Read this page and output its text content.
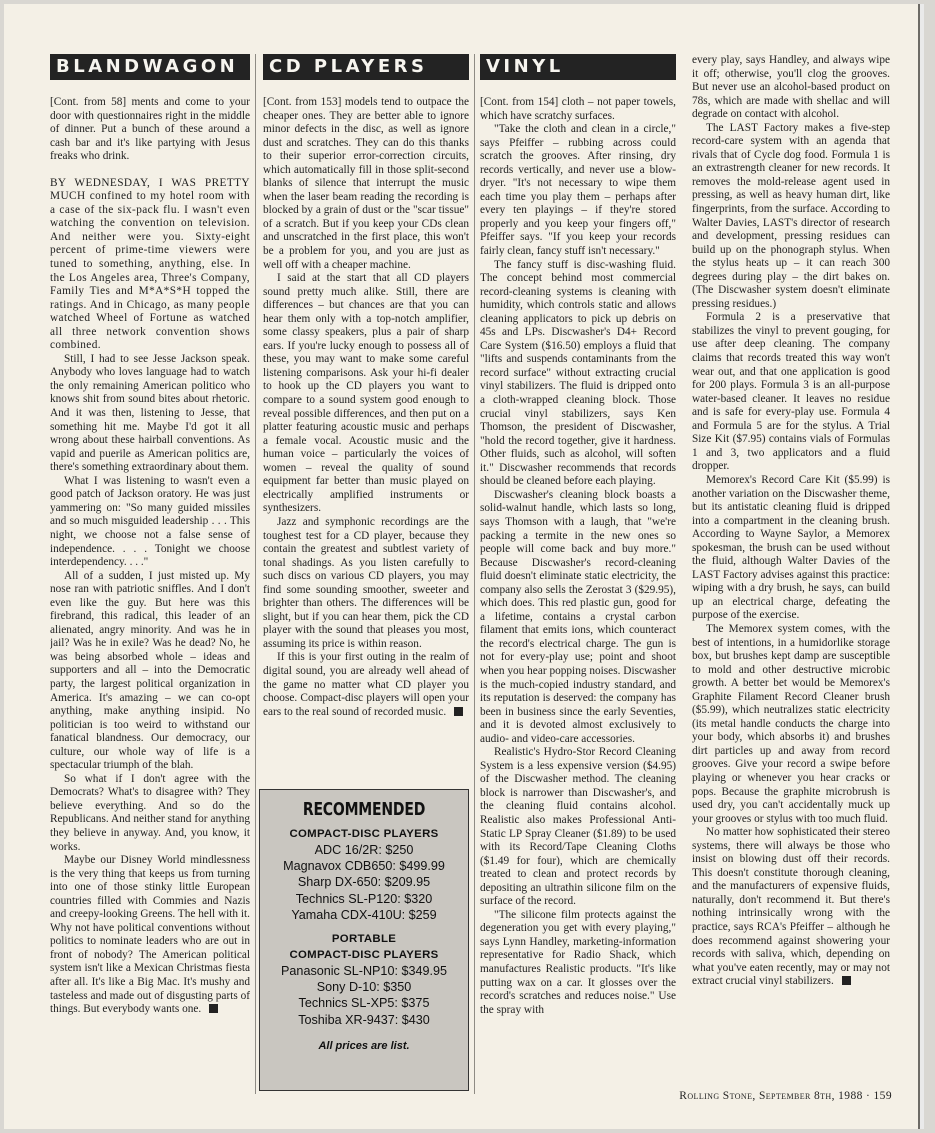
BLANDWAGON

[Cont. from 58] ments and come to your door with questionnaires right in the middle of dinner. Put a bunch of these around a cash bar and it's like partying with Jesus freaks who drink.

BY WEDNESDAY, I WAS PRETTY MUCH confined to my hotel room with a case of the six-pack flu. I wasn't even watching the convention on television. And neither were you. Sixty-eight percent of prime-time viewers were tuned to something, anything, else. In the Los Angeles area, Three's Company, Family Ties and M*A*S*H topped the ratings. And in Chicago, as many people watched Wheel of Fortune as watched all three network convention shows combined.

Still, I had to see Jesse Jackson speak. Anybody who loves language had to watch the only remaining American politico who knows shit from sound bites about rhetoric. And it was then, listening to Jesse, that something hit me. Maybe I'd got it all wrong about these hairball conventions. As vapid and puerile as American politics are, there's something extraordinary about them.

What I was listening to wasn't even a good patch of Jackson oratory. He was just yammering on: "So many guided missiles and so much misguided leadership . . . This night, we choose not a false sense of independence. . . . Tonight we choose interdependency. . . ."

All of a sudden, I just misted up. My nose ran with patriotic sniffles. And I don't even like the guy. But here was this firebrand, this radical, this leader of an alienated, angry minority. And was he in jail? Was he in exile? Was he dead? No, he was being absorbed whole – ideas and supporters and all – into the Democratic party, the largest political organization in America. It's amazing – we can co-opt anything, make anything insipid. No politician is too weird to withstand our fanatical blandness. Our democracy, our culture, our whole way of life is a spectacular triumph of the blah.

So what if I don't agree with the Democrats? What's to disagree with? They believe everything. And so do the Republicans. And neither stand for anything they believe in anyway. And, you know, it works.

Maybe our Disney World mindlessness is the very thing that keeps us from turning into one of those stinky little European countries filled with Commies and Nazis and creepy-looking Greens. The hell with it. Why not have political conventions without politics to nominate leaders who are out in front of nobody? The American political system isn't like a Mexican Christmas fiesta after all. It's like a Big Mac. It's mushy and tasteless and made out of disgusting parts of things. But everybody wants one.

CD PLAYERS

[Cont. from 153] models tend to outpace the cheaper ones. They are better able to ignore minor defects in the disc, as well as ignore dust and scratches. They can do this thanks to their superior error-correction circuits, which automatically fill in those split-second blanks of silence that interrupt the music when the laser beam reading the recording is blocked by a grain of dust or the "scar tissue" of a scratch. But if you keep your CDs clean and unscratched in the first place, this won't be a problem for you, and you are just as well off with a cheaper machine.

I said at the start that all CD players sound pretty much alike. Still, there are differences – but chances are that you can hear them only with a top-notch amplifier, some classy speakers, plus a pair of sharp ears. If you're lucky enough to possess all of these, you may want to make some careful listening comparisons. Ask your hi-fi dealer to hook up the CD players you want to compare to a sound system good enough to reveal possible differences, and then put on a platter featuring acoustic music and perhaps a female vocal. Acoustic music and the human voice – particularly the voices of women – reveal the quality of sound equipment far better than music played on electrically amplified instruments or synthesizers.

Jazz and symphonic recordings are the toughest test for a CD player, because they contain the greatest and subtlest variety of tonal shadings. As you listen carefully to such discs on various CD players, you may find some sounding smoother, sweeter and brighter than others. The differences will be slight, but if you can hear them, pick the CD player with the sound that pleases you most, assuming its price is within reason.

If this is your first outing in the realm of digital sound, you are already well ahead of the game no matter what CD player you choose. Compact-disc players will open your ears to the real sound of recorded music.

RECOMMENDED
COMPACT-DISC PLAYERS
ADC 16/2R: $250
Magnavox CDB650: $499.99
Sharp DX-650: $209.95
Technics SL-P120: $320
Yamaha CDX-410U: $259
PORTABLE
COMPACT-DISC PLAYERS
Panasonic SL-NP10: $349.95
Sony D-10: $350
Technics SL-XP5: $375
Toshiba XR-9437: $430
All prices are list.
VINYL

[Cont. from 154] cloth – not paper towels, which have scratchy surfaces.

"Take the cloth and clean in a circle," says Pfeiffer – rubbing across could scratch the grooves. After rinsing, dry records vertically, and never use a blow-dryer. "It's not necessary to wipe them each time you play them – perhaps after every ten playings – if they're stored properly and you keep your fingers off," Pfeiffer says. "If you keep your records fairly clean, fancy stuff isn't necessary."

The fancy stuff is disc-washing fluid. The concept behind most commercial record-cleaning systems is cleaning with humidity, which controls static and allows cleaning applicators to pick up debris on 45s and LPs. Discwasher's D4+ Record Care System ($16.50) employs a fluid that "lifts and suspends contaminants from the record surface" without extracting crucial vinyl stabilizers. The fluid is dripped onto a cloth-wrapped cleaning block. Those crucial vinyl stabilizers, says Ken Thomson, the president of Discwasher, "hold the record together, give it hardness. Other fluids, such as alcohol, will soften it." Discwasher recommends that records should be cleaned before each playing.

Discwasher's cleaning block boasts a solid-walnut handle, which lasts so long, says Thomson with a laugh, that "we're packing a termite in the new ones so people will come back and buy more." Because Discwasher's record-cleaning fluid doesn't eliminate static electricity, the company also sells the Zerostat 3 ($29.95), which does. This red plastic gun, good for a lifetime, contains a crystal carbon filament that emits ions, which counteract the record's electrical charge. The gun is not for every-play use; point and shoot when you hear popping noises. Discwasher is the much-copied industry standard, and its reputation is deserved: the company has been in business since the early Seventies, and it is devoted almost exclusively to audio- and video-care accessories.

Realistic's Hydro-Stor Record Cleaning System is a less expensive version ($4.95) of the Discwasher method. The cleaning block is narrower than Discwasher's, and the cleaning fluid contains alcohol. Realistic also makes Professional Anti-Static LP Spray Cleaner ($1.89) to be used with its Record/Tape Cleaning Cloths ($1.49 for four), which are chemically treated to clean and protect records by depositing an ultrathin silicone film on the surface of the record.

"The silicone film protects against the degeneration you get with every playing," says Lynn Handley, marketing-information representative for Radio Shack, which manufactures Realistic products. "It's like putting wax on a car. It glosses over the record's scratches and reduces noise." Use the spray with

every play, says Handley, and always wipe it off; otherwise, you'll clog the grooves. But never use an alcohol-based product on 78s, which are made with shellac and will degrade on contact with alcohol.

The LAST Factory makes a five-step record-care system with an agenda that rivals that of Cycle dog food. Formula 1 is an extrastrength cleaner for new records. It removes the mold-release agent used in pressing, as well as heavy human dirt, like fingerprints, from the surface. According to Walter Davies, LAST's director of research and development, pressing residues can build up on the phonograph stylus. When the stylus heats up – it can reach 300 degrees during play – the dirt bakes on. (The Discwasher system doesn't eliminate pressing residues.)

Formula 2 is a preservative that stabilizes the vinyl to prevent gouging, for use after deep cleaning. The company claims that records treated this way won't wear out, and that one application is good for 200 plays. Formula 3 is an all-purpose water-based cleaner. It leaves no residue and is safe for every-play use. Formula 4 and Formula 5 are for the stylus. A Trial Size Kit ($7.95) contains vials of Formulas 1 and 3, two applicators and a fluid dropper.

Memorex's Record Care Kit ($5.99) is another variation on the Discwasher theme, but its antistatic cleaning fluid is dripped into a compartment in the cleaning brush. According to Wayne Saylor, a Memorex spokesman, the brush can be used without the fluid, although Walter Davies of the LAST Factory advises against this practice: wiping with a dry brush, he says, can build up an electrical charge, defeating the purpose of the exercise.

The Memorex system comes, with the best of intentions, in a humidorlike storage box, but brushes kept damp are susceptible to mold and other destructive microbic growth. A better bet would be Memorex's Graphite Filament Record Cleaner brush ($5.99), which neutralizes static electricity (its metal handle conducts the charge into your body, which absorbs it) and brushes dirt particles up and away from record grooves. Give your record a swipe before playing or whenever you hear cracks or pops. Because the graphite microbrush is used dry, you can't accidentally muck up your grooves or stylus with too much fluid.

No matter how sophisticated their stereo systems, there will always be those who insist on blowing dust off their records. This doesn't constitute thorough cleaning, and the manufacturers of expensive fluids, naturally, don't recommend it. But there's nothing intrinsically wrong with the practice, says RCA's Pfeiffer – although he does recommend against showering your records with saliva, which, depending on what you've eaten recently, may or may not extract crucial vinyl stabilizers.

Rolling Stone, September 8th, 1988 · 159
